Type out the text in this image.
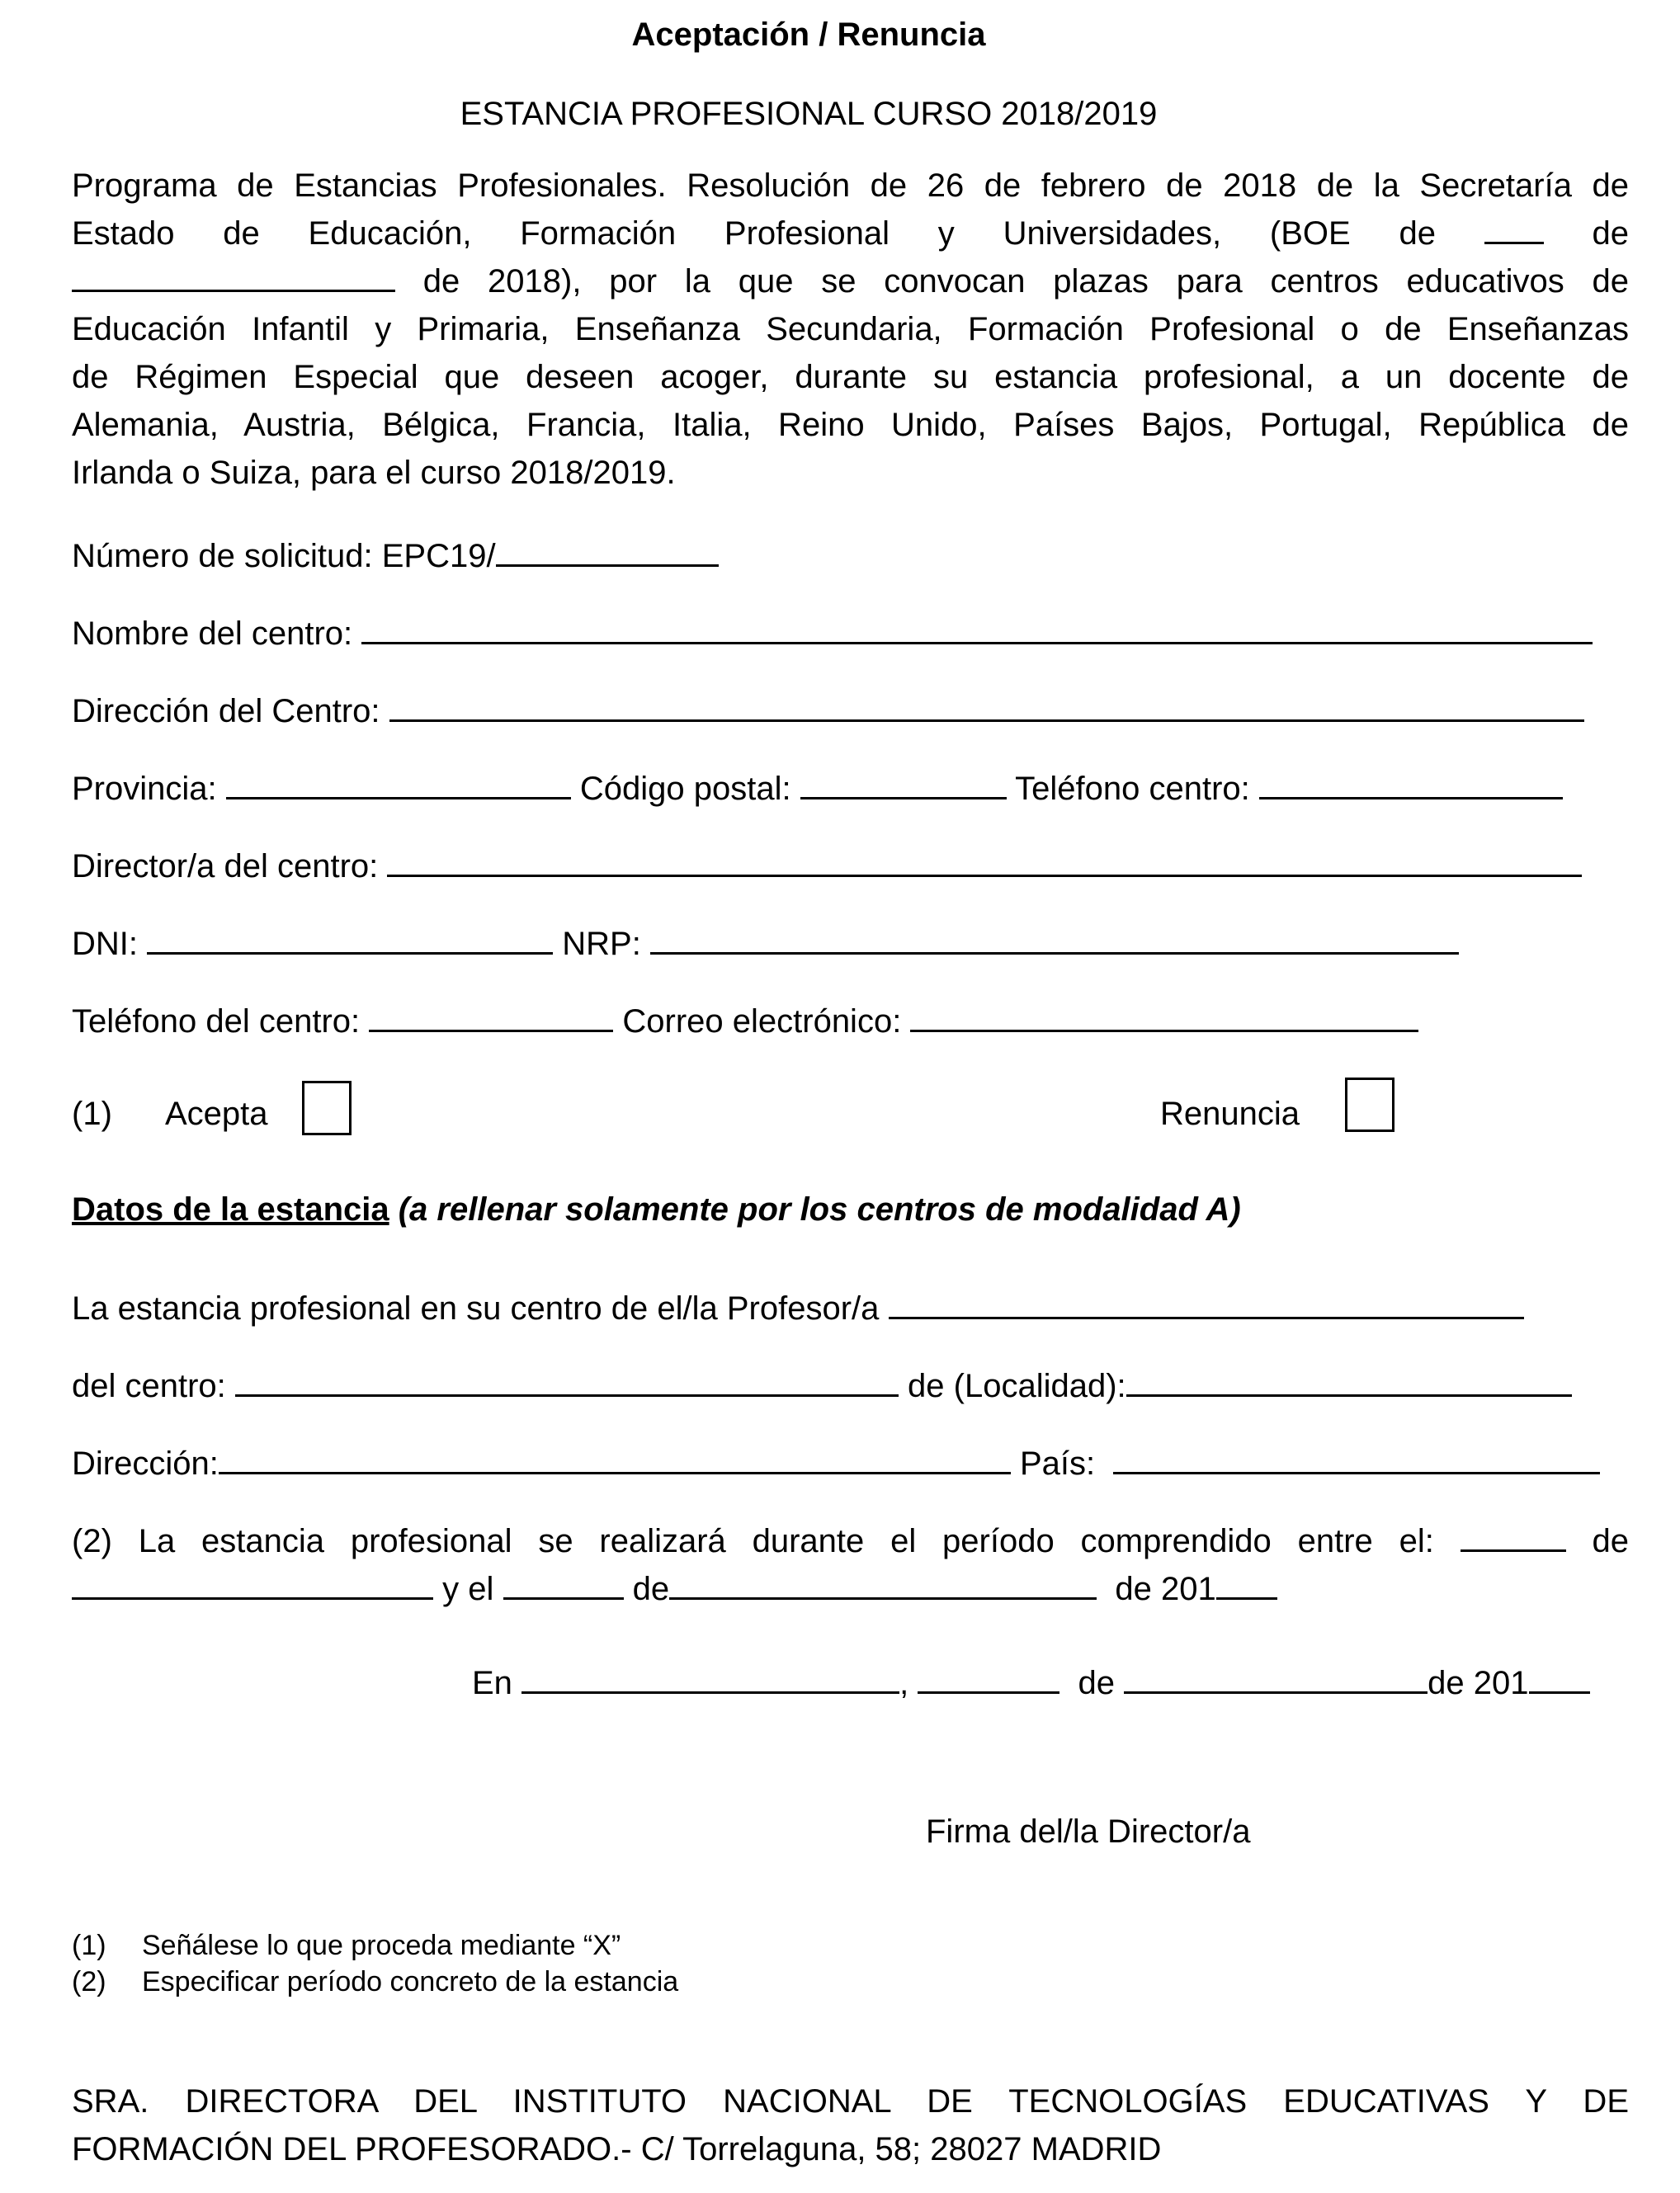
Aceptación / Renuncia
ESTANCIA PROFESIONAL CURSO 2018/2019
Programa de Estancias Profesionales. Resolución de 26 de febrero de 2018 de la Secretaría de
Estado de Educación, Formación Profesional y Universidades, (BOE de	de
de 2018), por la que se convocan plazas para centros educativos de
Educación Infantil y Primaria, Enseñanza Secundaria, Formación Profesional o de Enseñanzas
de Régimen Especial que deseen acoger, durante su estancia profesional, a un docente de
Alemania, Austria, Bélgica, Francia, Italia, Reino Unido, Países Bajos, Portugal, República de
Irlanda o Suiza, para el curso 2018/2019.
Número de solicitud: EPC19/
Nombre del centro:
Dirección del Centro:
Provincia:	Código postal:	Teléfono centro:
Director/a del centro:
DNI:	NRP:
Teléfono del centro:	Correo electrónico:
(1) Acepta	Renuncia
Datos de la estancia (a rellenar solamente por los centros de modalidad A)
La estancia profesional en su centro de el/la Profesor/a
del centro:	de (Localidad):
Dirección:	País:
(2) La estancia profesional se realizará durante el período comprendido entre el:	de
y el	de	de 201
En	,	de	de 201
Firma del/la Director/a
(1) Señálese lo que proceda mediante “X”
(2) Especificar período concreto de la estancia
SRA. DIRECTORA DEL INSTITUTO NACIONAL DE TECNOLOGÍAS EDUCATIVAS Y DE
FORMACIÓN DEL PROFESORADO.- C/ Torrelaguna, 58; 28027 MADRID
